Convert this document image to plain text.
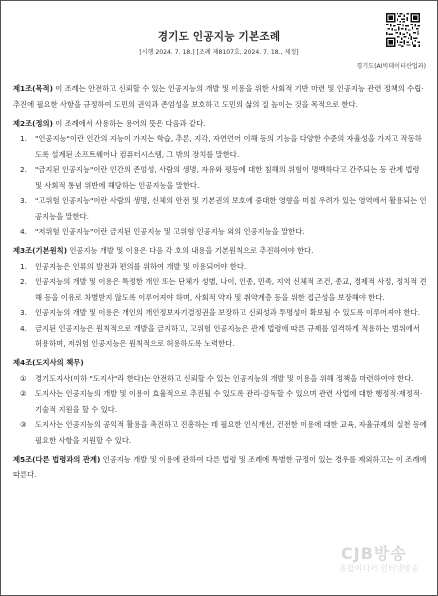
경기도 인공지능 기본조례
[시행 2024. 7. 18.] [조례 제8107호, 2024. 7. 18., 제정]
경기도(AI빅데이터산업과)
제1조(목적) 이 조례는 안전하고 신뢰할 수 있는 인공지능의 개발 및 이용을 위한 사회적 기반 마련 및 인공지능 관련 정책의 수립·추진에 필요한 사항을 규정하여 도민의 권익과 존엄성을 보호하고 도민의 삶의 질 높이는 것을 목적으로 한다.
제2조(정의) 이 조례에서 사용하는 용어의 뜻은 다음과 같다.
1. "인공지능"이란 인간의 지능이 가지는 학습, 추론, 지각, 자연언어 이해 등의 기능을 다양한 수준의 자율성을 가지고 작동하도록 설계된 소프트웨어나 컴퓨터시스템, 그 밖의 장치를 말한다.
2. "금지된 인공지능"이란 인간의 존엄성, 사람의 생명, 자유와 평등에 대한 침해의 위험이 명백하다고 간주되는 등 관계 법령 및 사회적 통념 위반에 해당하는 인공지능을 말한다.
3. "고위험 인공지능"이란 사람의 생명, 신체의 안전 및 기본권의 보호에 중대한 영향을 미칠 우려가 있는 영역에서 활용되는 인공지능을 말한다.
4. "저위험 인공지능"이란 금지된 인공지능 및 고위험 인공지능 외의 인공지능을 말한다.
제3조(기본원칙) 인공지능 개발 및 이용은 다음 각 호의 내용을 기본원칙으로 추진하여야 한다.
1. 인공지능은 인류의 발전과 편의를 위하여 개발 및 이용되어야 한다.
2. 인공지능의 개발 및 이용은 특정한 개인 또는 단체가 성별, 나이, 인종, 민족, 지역 신체적 조건, 종교, 경제적 사정, 정치적 견해 등을 이유로 차별받지 않도록 이루어져야 하며, 사회적 약자 및 취약계층 등을 위한 접근성을 보장해야 한다.
3. 인공지능의 개발 및 이용은 개인의 개인정보자기결정권을 보장하고 신뢰성과 투명성이 확보될 수 있도록 이루어져야 한다.
4. 금지된 인공지능은 원칙적으로 개발을 금지하고, 고위험 인공지능은 관계 법령에 따른 규제를 엄격하게 적용하는 범위에서 허용하며, 저위험 인공지능은 원칙적으로 허용하도록 노력한다.
제4조(도지사의 책무)
① 경기도지사(이하 "도지사"라 한다)는 안전하고 신뢰할 수 있는 인공지능의 개발 및 이용을 위해 정책을 마련하여야 한다.
② 도지사는 인공지능의 개발 및 이용이 효율적으로 추진될 수 있도록 관리·감독할 수 있으며 관련 사업에 대한 행정적·재정적·기술적 지원을 할 수 있다.
③ 도지사는 인공지능의 공익적 활용을 촉진하고 진흥하는 데 필요한 인식개선, 건전한 이용에 대한 교육, 자율규제의 실천 등에 필요한 사항을 지원할 수 있다.
제5조(다른 법령과의 관계) 인공지능 개발 및 이용에 관하여 다른 법령 및 조례에 특별한 규정이 있는 경우를 제외하고는 이 조례에 따른다.
CJB방송
종합미디어 인터넷방송
